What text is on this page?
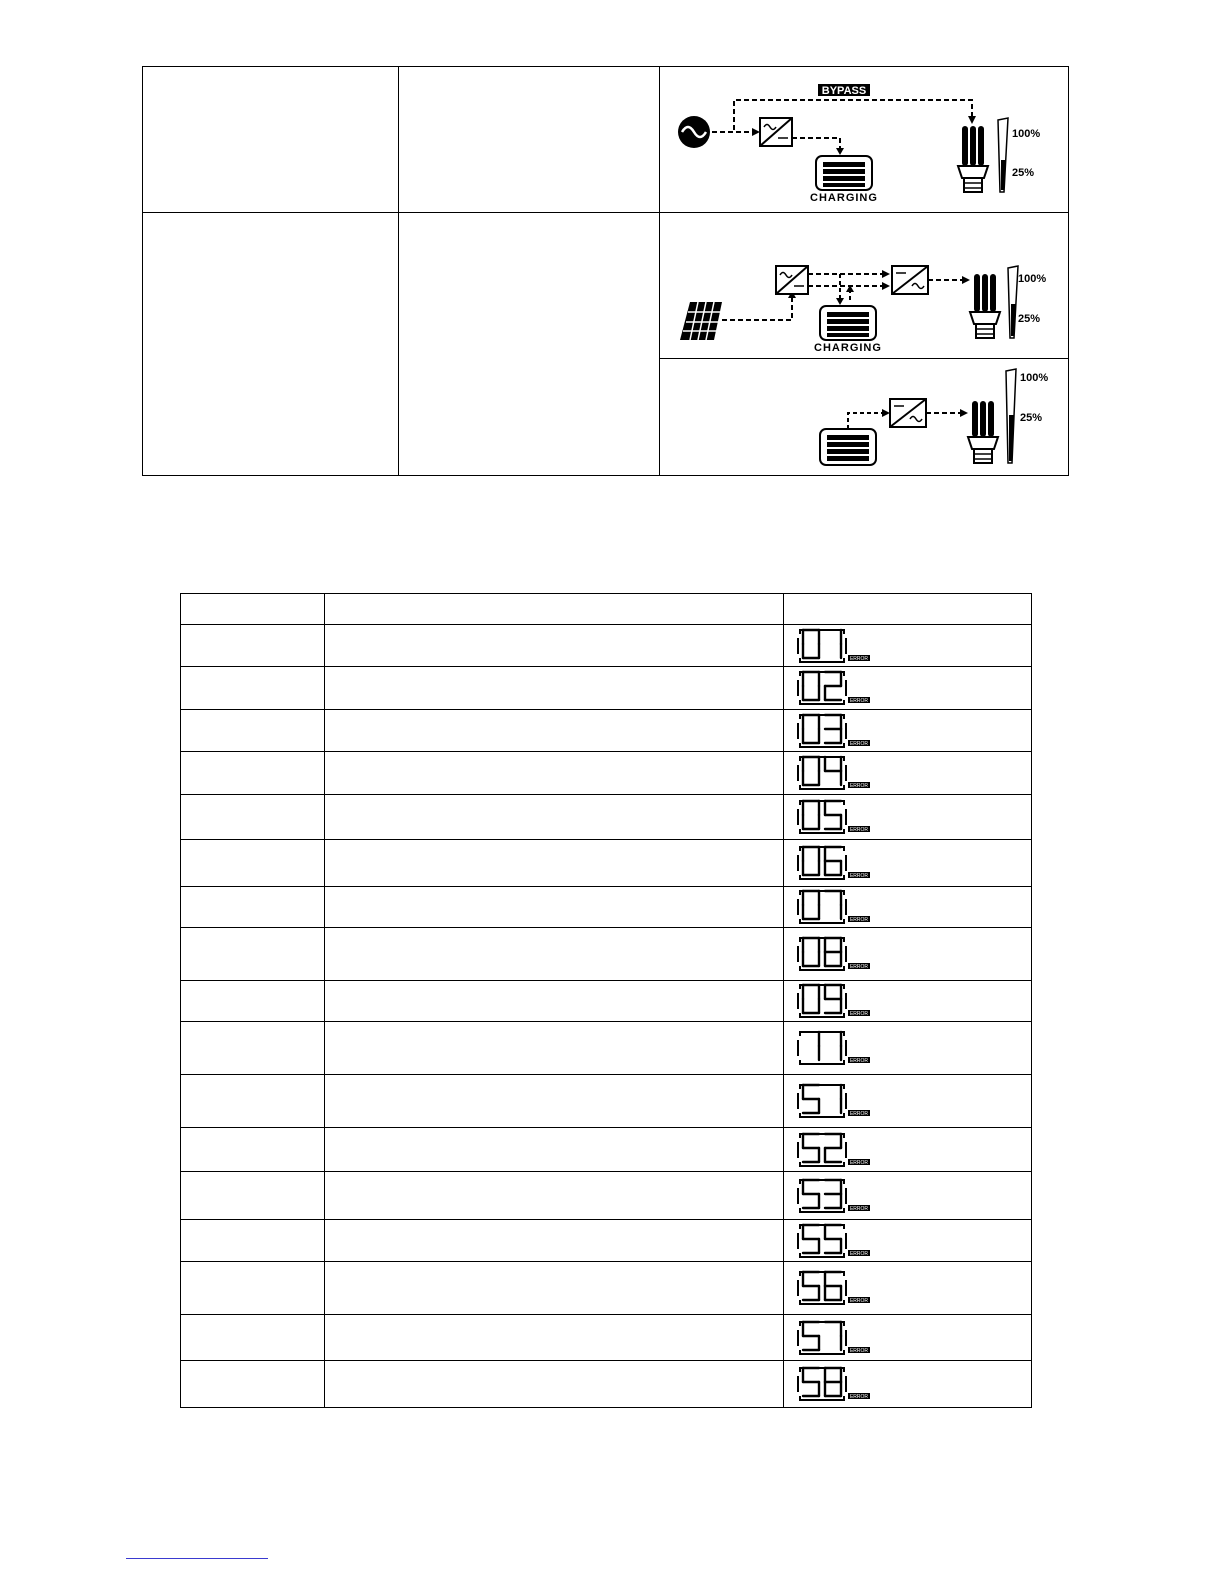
BYPASS
CHARGING
100%
25%
CHARGING
100%
25%
100%
25%

ERROR

ERROR

ERROR

ERROR

ERROR

ERROR

ERROR

ERROR

ERROR

ERROR

ERROR

ERROR

ERROR

ERROR

ERROR

ERROR

ERROR
